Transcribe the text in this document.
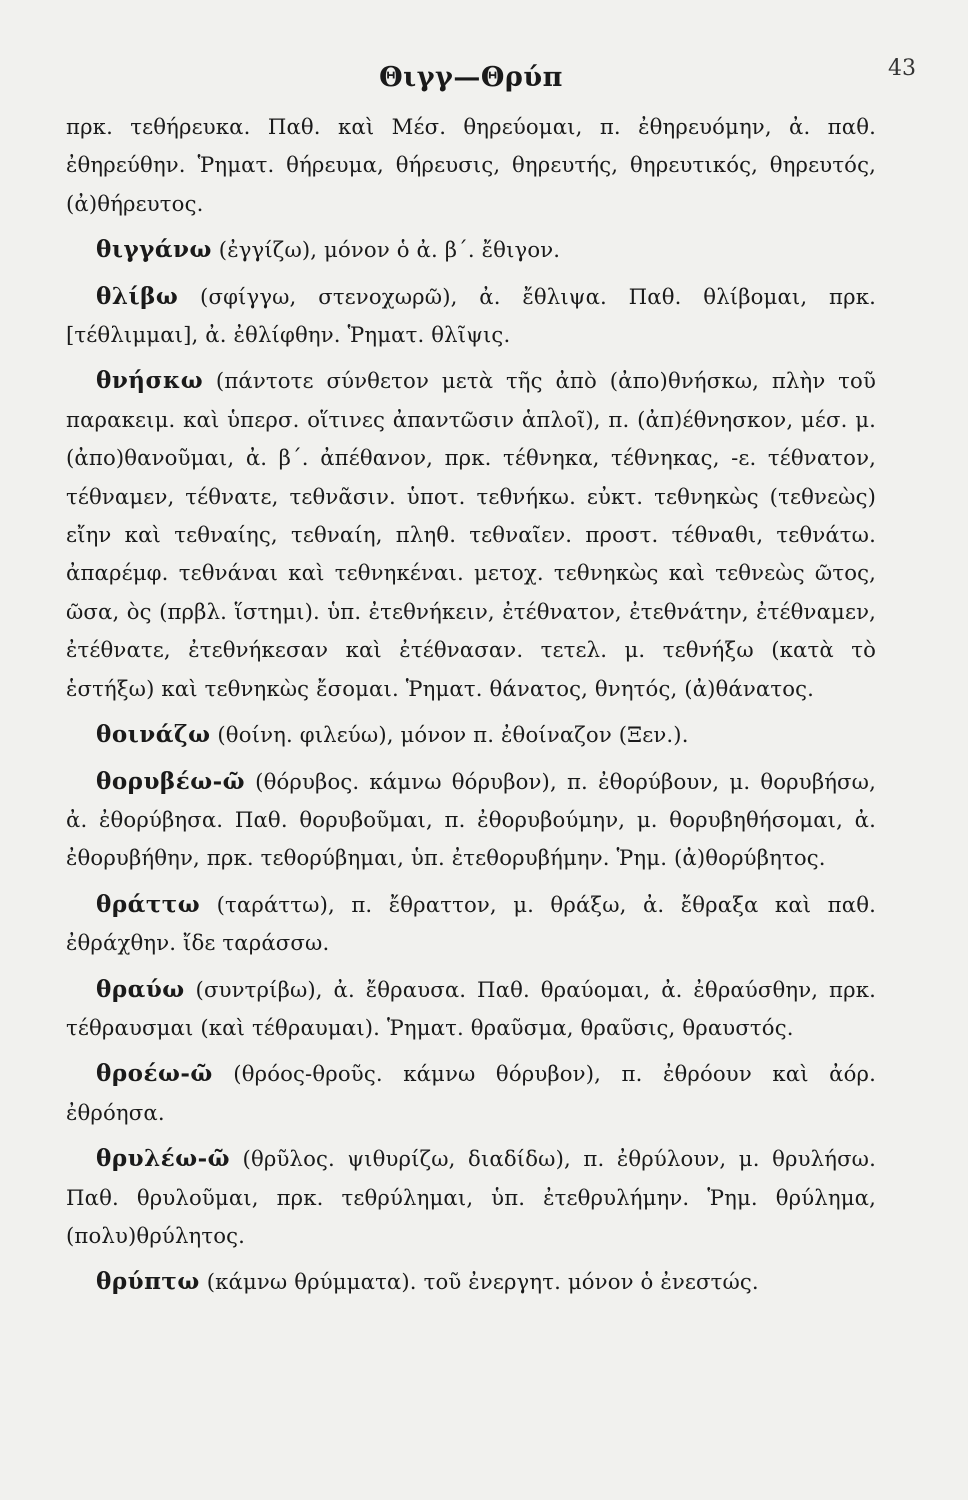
Θιγγ—Θρύπ	43

πρκ. τεθήρευκα. Παθ. καὶ Μέσ. θηρεύομαι, π. ἐθηρευόμην, ἀ. παθ. ἐθηρεύθην. Ῥηματ. θήρευμα, θήρευσις, θηρευτής, θηρευτικός, θηρευτός, (ἀ)θήρευτος.

θιγγάνω (ἐγγίζω), μόνον ὁ ἀ. β΄. ἔθιγον.

θλίβω (σφίγγω, στενοχωρῶ), ἀ. ἔθλιψα. Παθ. θλίβομαι, πρκ. [τέθλιμμαι], ἀ. ἐθλίφθην. Ῥηματ. θλῖψις.

θνήσκω (πάντοτε σύνθετον μετὰ τῆς ἀπὸ (ἀπο)θνήσκω, πλὴν τοῦ παρακειμ. καὶ ὑπερσ. οἵτινες ἀπαντῶσιν ἁπλοῖ), π. (ἀπ)έθνησκον, μέσ. μ. (ἀπο)θανοῦμαι, ἀ. β΄. ἀπέθανον, πρκ. τέθνηκα, τέθνηκας, -ε. τέθνατον, τέθναμεν, τέθνατε, τεθνᾶσιν. ὑποτ. τεθνήκω. εὐκτ. τεθνηκὼς (τεθνεὼς) εἴην καὶ τεθναίης, τεθναίη, πληθ. τεθναῖεν. προστ. τέθναθι, τεθνάτω. ἀπαρέμφ. τεθνάναι καὶ τεθνηκέναι. μετοχ. τεθνηκὼς καὶ τεθνεὼς ῶτος, ῶσα, ὸς (πρβλ. ἵστημι). ὑπ. ἐτεθνήκειν, ἐτέθνατον, ἐτεθνάτην, ἐτέθναμεν, ἐτέθνατε, ἐτεθνήκεσαν καὶ ἐτέθνασαν. τετελ. μ. τεθνήξω (κατὰ τὸ ἑστήξω) καὶ τεθνηκὼς ἔσομαι. Ῥηματ. θάνατος, θνητός, (ἀ)θάνατος.

θοινάζω (θοίνη. φιλεύω), μόνον π. ἐθοίναζον (Ξεν.).

θορυβέω-ῶ (θόρυβος. κάμνω θόρυβον), π. ἐθορύβουν, μ. θορυβήσω, ἀ. ἐθορύβησα. Παθ. θορυβοῦμαι, π. ἐθορυβούμην, μ. θορυβηθήσομαι, ἀ. ἐθορυβήθην, πρκ. τεθορύβημαι, ὑπ. ἐτεθορυβήμην. Ῥημ. (ἀ)θορύβητος.

θράττω (ταράττω), π. ἔθραττον, μ. θράξω, ἀ. ἔθραξα καὶ παθ. ἐθράχθην. ἴδε ταράσσω.

θραύω (συντρίβω), ἀ. ἔθραυσα. Παθ. θραύομαι, ἀ. ἐθραύσθην, πρκ. τέθραυσμαι (καὶ τέθραυμαι). Ῥηματ. θραῦσμα, θραῦσις, θραυστός.

θροέω-ῶ (θρόος-θροῦς. κάμνω θόρυβον), π. ἐθρόουν καὶ ἀόρ. ἐθρόησα.

θρυλέω-ῶ (θρῦλος. ψιθυρίζω, διαδίδω), π. ἐθρύλουν, μ. θρυλήσω. Παθ. θρυλοῦμαι, πρκ. τεθρύλημαι, ὑπ. ἐτεθρυλήμην. Ῥημ. θρύλημα, (πολυ)θρύλητος.

θρύπτω (κάμνω θρύμματα). τοῦ ἐνεργητ. μόνον ὁ ἐνεστώς.
